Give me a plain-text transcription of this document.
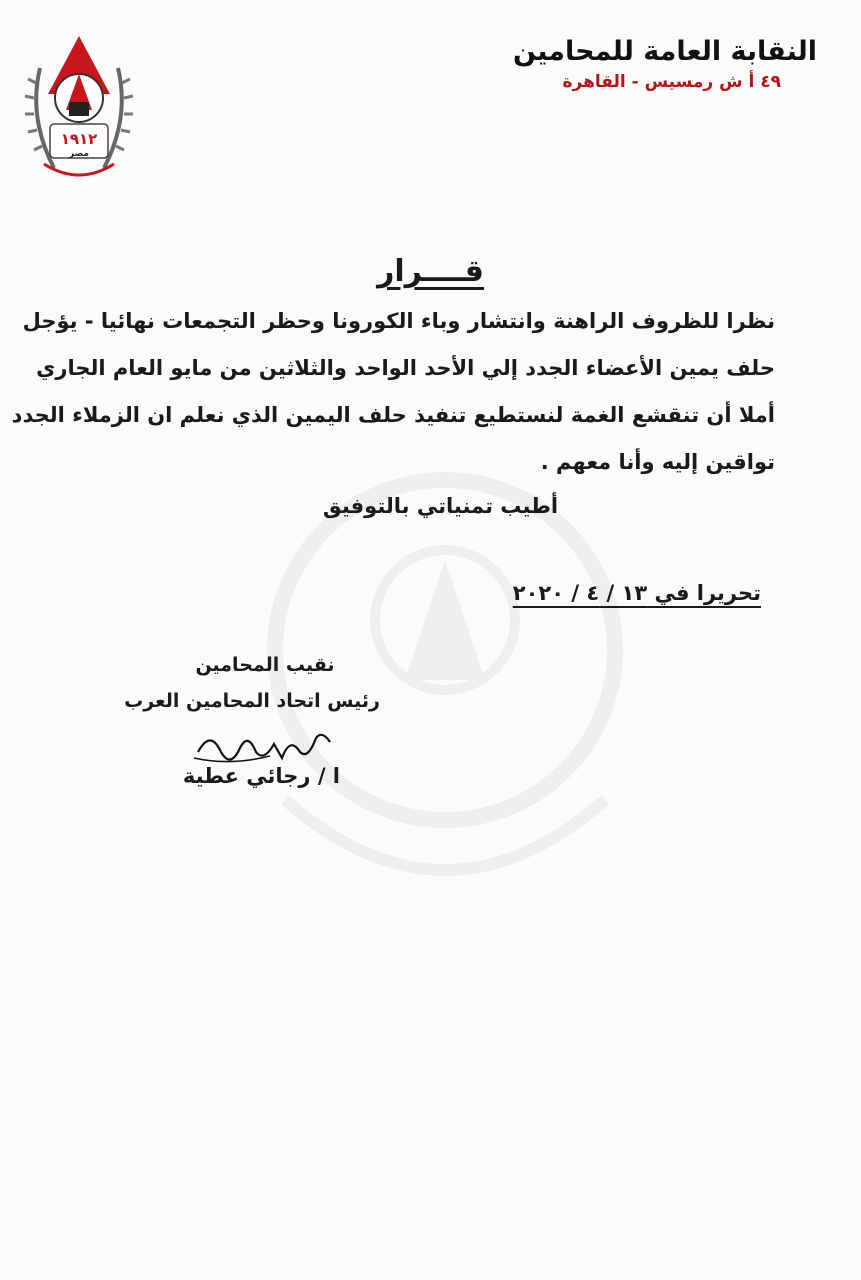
١٩١٢
مصر
النقابة العامة للمحامين
٤٩ أ ش رمسيس - القاهرة
قــــرار
نظرا للظروف الراهنة وانتشار وباء الكورونا وحظر التجمعات نهائيا - يؤجل
حلف يمين الأعضاء الجدد إلي الأحد الواحد والثلاثين من مايو العام الجاري
أملا أن تنقشع الغمة لنستطيع تنفيذ حلف اليمين الذي نعلم ان الزملاء الجدد
تواقين إليه وأنا معهم .
أطيب تمنياتي بالتوفيق
تحريرا في ١٣ / ٤ / ٢٠٢٠
نقيب المحامين
رئيس اتحاد المحامين العرب
ا / رجائي عطية
